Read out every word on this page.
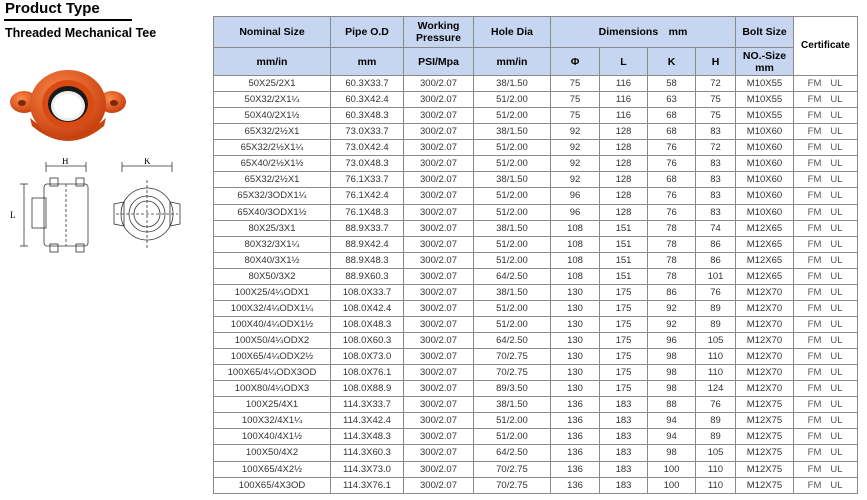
Product Type
Threaded Mechanical Tee
H	K
L
Nominal Size	Pipe O.D	Working Pressure	Hole Dia	Dimensions　mm				Bolt Size	Certificate
mm/in	mm	PSI/Mpa	mm/in	Φ	L	K	H	NO.-Size mm	
50X25/2X1	60.3X33.7	300/2.07	38/1.50	75	116	58	72	M10X55	FM UL
50X32/2X1¼	60.3X42.4	300/2.07	51/2.00	75	116	63	75	M10X55	FM UL
50X40/2X1½	60.3X48.3	300/2.07	51/2.00	75	116	68	75	M10X55	FM UL
65X32/2½X1	73.0X33.7	300/2.07	38/1.50	92	128	68	83	M10X60	FM UL
65X32/2½X1¼	73.0X42.4	300/2.07	51/2.00	92	128	76	72	M10X60	FM UL
65X40/2½X1½	73.0X48.3	300/2.07	51/2.00	92	128	76	83	M10X60	FM UL
65X32/2½X1	76.1X33.7	300/2.07	38/1.50	92	128	68	83	M10X60	FM UL
65X32/3ODX1¼	76.1X42.4	300/2.07	51/2.00	96	128	76	83	M10X60	FM UL
65X40/3ODX1½	76.1X48.3	300/2.07	51/2.00	96	128	76	83	M10X60	FM UL
80X25/3X1	88.9X33.7	300/2.07	38/1.50	108	151	78	74	M12X65	FM UL
80X32/3X1¼	88.9X42.4	300/2.07	51/2.00	108	151	78	86	M12X65	FM UL
80X40/3X1½	88.9X48.3	300/2.07	51/2.00	108	151	78	86	M12X65	FM UL
80X50/3X2	88.9X60.3	300/2.07	64/2.50	108	151	78	101	M12X65	FM UL
100X25/4¼ODX1	108.0X33.7	300/2.07	38/1.50	130	175	86	76	M12X70	FM UL
100X32/4¼ODX1¼	108.0X42.4	300/2.07	51/2.00	130	175	92	89	M12X70	FM UL
100X40/4¼ODX1½	108.0X48.3	300/2.07	51/2.00	130	175	92	89	M12X70	FM UL
100X50/4¼ODX2	108.0X60.3	300/2.07	64/2.50	130	175	96	105	M12X70	FM UL
100X65/4¼ODX2½	108.0X73.0	300/2.07	70/2.75	130	175	98	110	M12X70	FM UL
100X65/4¼ODX3OD	108.0X76.1	300/2.07	70/2.75	130	175	98	110	M12X70	FM UL
100X80/4¼ODX3	108.0X88.9	300/2.07	89/3.50	130	175	98	124	M12X70	FM UL
100X25/4X1	114.3X33.7	300/2.07	38/1.50	136	183	88	76	M12X75	FM UL
100X32/4X1¼	114.3X42.4	300/2.07	51/2.00	136	183	94	89	M12X75	FM UL
100X40/4X1½	114.3X48.3	300/2.07	51/2.00	136	183	94	89	M12X75	FM UL
100X50/4X2	114.3X60.3	300/2.07	64/2.50	136	183	98	105	M12X75	FM UL
100X65/4X2½	114.3X73.0	300/2.07	70/2.75	136	183	100	110	M12X75	FM UL
100X65/4X3OD	114.3X76.1	300/2.07	70/2.75	136	183	100	110	M12X75	FM UL
